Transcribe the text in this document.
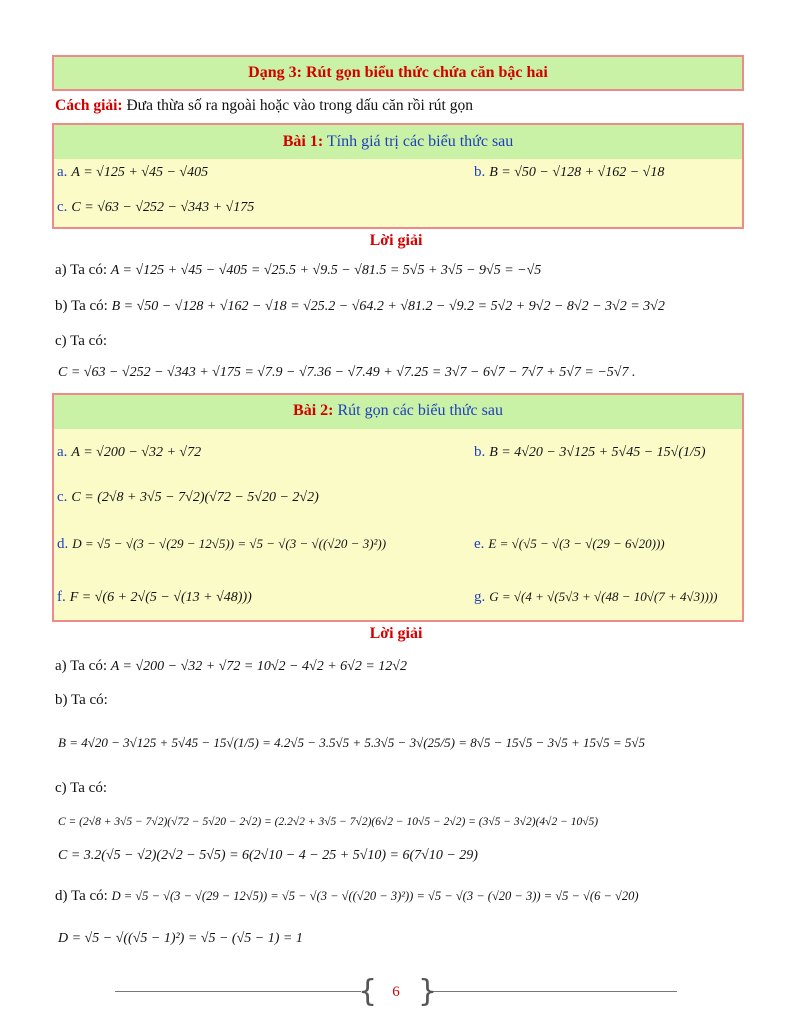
Dạng 3: Rút gọn biểu thức chứa căn bậc hai
Cách giải: Đưa thừa số ra ngoài hoặc vào trong dấu căn rồi rút gọn
Bài 1: Tính giá trị các biểu thức sau
a. A = √125 + √45 − √405	b. B = √50 − √128 + √162 − √18
c. C = √63 − √252 − √343 + √175
Lời giải
a) Ta có: A = √125 + √45 − √405 = √25.5 + √9.5 − √81.5 = 5√5 + 3√5 − 9√5 = −√5
b) Ta có: B = √50 − √128 + √162 − √18 = √25.2 − √64.2 + √81.2 − √9.2 = 5√2 + 9√2 − 8√2 − 3√2 = 3√2
c) Ta có:
C = √63 − √252 − √343 + √175 = √7.9 − √7.36 − √7.49 + √7.25 = 3√7 − 6√7 − 7√7 + 5√7 = −5√7 .
Bài 2: Rút gọn các biểu thức sau
a. A = √200 − √32 + √72	b. B = 4√20 − 3√125 + 5√45 − 15√(1/5)
c. C = (2√8 + 3√5 − 7√2)(√72 − 5√20 − 2√2)
d. D = √5 − √(3 − √(29 − 12√5)) = √5 − √(3 − √((√20 − 3)²))	e. E = √(√5 − √(3 − √(29 − 6√20)))
f. F = √(6 + 2√(5 − √(13 + √48)))	g. G = √(4 + √(5√3 + √(48 − 10√(7 + 4√3))))
Lời giải
a) Ta có: A = √200 − √32 + √72 = 10√2 − 4√2 + 6√2 = 12√2
b) Ta có:
B = 4√20 − 3√125 + 5√45 − 15√(1/5) = 4.2√5 − 3.5√5 + 5.3√5 − 3√(25/5) = 8√5 − 15√5 − 3√5 + 15√5 = 5√5
c) Ta có:
C = (2√8 + 3√5 − 7√2)(√72 − 5√20 − 2√2) = (2.2√2 + 3√5 − 7√2)(6√2 − 10√5 − 2√2) = (3√5 − 3√2)(4√2 − 10√5)
C = 3.2(√5 − √2)(2√2 − 5√5) = 6(2√10 − 4 − 25 + 5√10) = 6(7√10 − 29)
d) Ta có: D = √5 − √(3 − √(29 − 12√5)) = √5 − √(3 − √((√20 − 3)²)) = √5 − √(3 − (√20 − 3)) = √5 − √(6 − √20)
D = √5 − √((√5 − 1)²) = √5 − (√5 − 1) = 1
{ }
6
